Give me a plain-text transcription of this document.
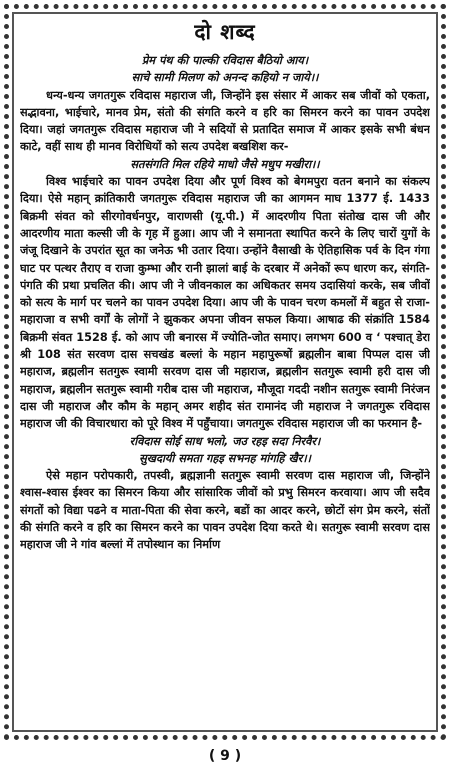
दो शब्द
प्रेम पंथ की पाल्की रविदास बैठियो आय।
साचे सामी मिलण को अनन्द कहियो न जाये।।

धन्य-धन्य जगतगुरू रविदास महाराज जी, जिन्होंने इस संसार में आकर सब जीवों को एकता, सद्भावना, भाईचारे, मानव प्रेम, संतो की संगति करने व हरि का सिमरन करने का पावन उपदेश दिया। जहां जगतगुरू रविदास महाराज जी ने सदियों से प्रतादित समाज में आकर इसके सभी बंधन काटे, वहीं साथ ही मानव विरोधियों को सत्य उपदेश बखशिश कर-

सतसंगति मिल रहिये माधो जैसे मधुप मखीरा।।

विश्व भाईचारे का पावन उपदेश दिया और पूर्ण विश्व को बेगमपुरा वतन बनाने का संकल्प दिया। ऐसे महान् क्रांतिकारी जगतगुरू रविदास महाराज जी का आगमन माघ 1377 ई. 1433 बिक्रमी संवत को सीरगोवर्धनपुर, वाराणसी (यू.पी.) में आदरणीय पिता संतोख दास जी और आदरणीय माता कल्सी जी के गृह में हुआ। आप जी ने समानता स्थापित करने के लिए चारों युगों के जंजू दिखाने के उपरांत सूत का जनेऊ भी उतार दिया। उन्होंने वैसाखी के ऐतिहासिक पर्व के दिन गंगा घाट पर पत्थर तैराए व राजा कुम्भा और रानी झालां बाई के दरबार में अनेकों रूप धारण कर, संगति-पंगति की प्रथा प्रचलित की। आप जी ने जीवनकाल का अधिकतर समय उदासियां करके, सब जीवों को सत्य के मार्ग पर चलने का पावन उपदेश दिया। आप जी के पावन चरण कमलों में बहुत से राजा-महाराजा व सभी वर्गों के लोगों ने झुककर अपना जीवन सफल किया। आषाढ की संक्रांति 1584 बिक्रमी संवत 1528 ई. को आप जी बनारस में ज्योति-जोत समाए। लगभग 600 व ‘ पश्चात् डेरा श्री 108 संत सरवण दास सचखंड बल्लां के महान महापुरूषों ब्रह्मलीन बाबा पिप्पल दास जी महाराज, ब्रह्मलीन सतगुरू स्वामी सरवण दास जी महाराज, ब्रह्मलीन सतगुरू स्वामी हरी दास जी महाराज, ब्रह्मलीन सतगुरू स्वामी गरीब दास जी महाराज, मौजूदा गददी नशीन सतगुरू स्वामी निरंजन दास जी महाराज और कौम के महान् अमर शहीद संत रामानंद जी महाराज ने जगतगुरू रविदास महाराज जी की विचारधारा को पूरे विश्व में पहुँचाया। जगतगुरू रविदास महाराज जी का फरमान है-

रविदास सोई साध भलो, जउ रहइ सदा निरवैर।
सुखदायी समता गहइ सभनह मांगहि खैर।।

ऐसे महान परोपकारी, तपस्वी, ब्रह्मज्ञानी सतगुरू स्वामी सरवण दास महाराज जी, जिन्होंने श्वास-श्वास ईश्वर का सिमरन किया और सांसारिक जीवों को प्रभु सिमरन करवाया। आप जी सदैव संगतों को विद्या पढने व माता-पिता की सेवा करने, बडों का आदर करने, छोटों संग प्रेम करने, संतों की संगति करने व हरि का सिमरन करने का पावन उपदेश दिया करते थे। सतगुरू स्वामी सरवण दास महाराज जी ने गांव बल्लां में तपोस्थान का निर्माण

( 9 )
